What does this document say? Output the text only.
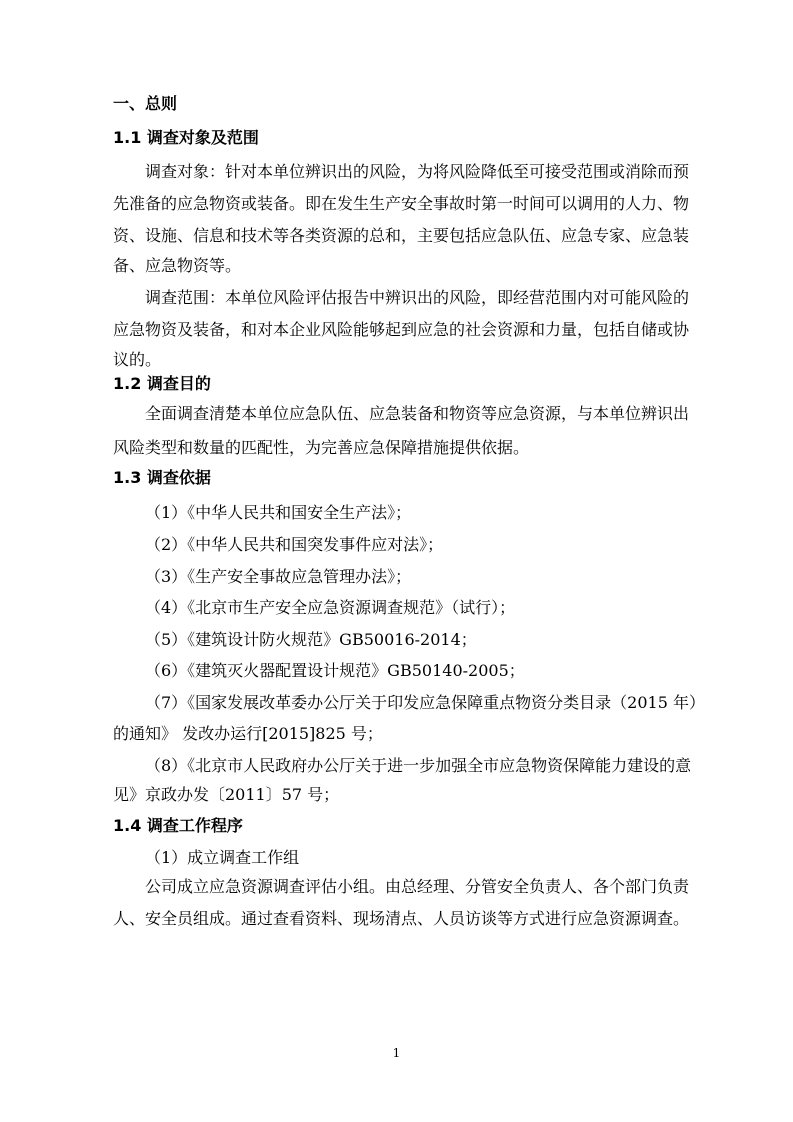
一、总则
1.1 调查对象及范围
调查对象：针对本单位辨识出的风险，为将风险降低至可接受范围或消除而预
先准备的应急物资或装备。即在发生生产安全事故时第一时间可以调用的人力、物
资、设施、信息和技术等各类资源的总和，主要包括应急队伍、应急专家、应急装
备、应急物资等。
调查范围：本单位风险评估报告中辨识出的风险，即经营范围内对可能风险的
应急物资及装备，和对本企业风险能够起到应急的社会资源和力量，包括自储或协
议的。
1.2 调查目的
全面调查清楚本单位应急队伍、应急装备和物资等应急资源，与本单位辨识出
风险类型和数量的匹配性，为完善应急保障措施提供依据。
1.3 调查依据
（1）《中华人民共和国安全生产法》；
（2）《中华人民共和国突发事件应对法》；
（3）《生产安全事故应急管理办法》；
（4）《北京市生产安全应急资源调查规范》（试行）；
（5）《建筑设计防火规范》GB50016-2014；
（6）《建筑灭火器配置设计规范》GB50140-2005；
（7）《国家发展改革委办公厅关于印发应急保障重点物资分类目录（2015 年）
的通知》 发改办运行[2015]825 号；
（8）《北京市人民政府办公厅关于进一步加强全市应急物资保障能力建设的意
见》京政办发〔2011〕57 号；
1.4 调查工作程序
（1）成立调查工作组
公司成立应急资源调查评估小组。由总经理、分管安全负责人、各个部门负责
人、安全员组成。通过查看资料、现场清点、人员访谈等方式进行应急资源调查。
1
